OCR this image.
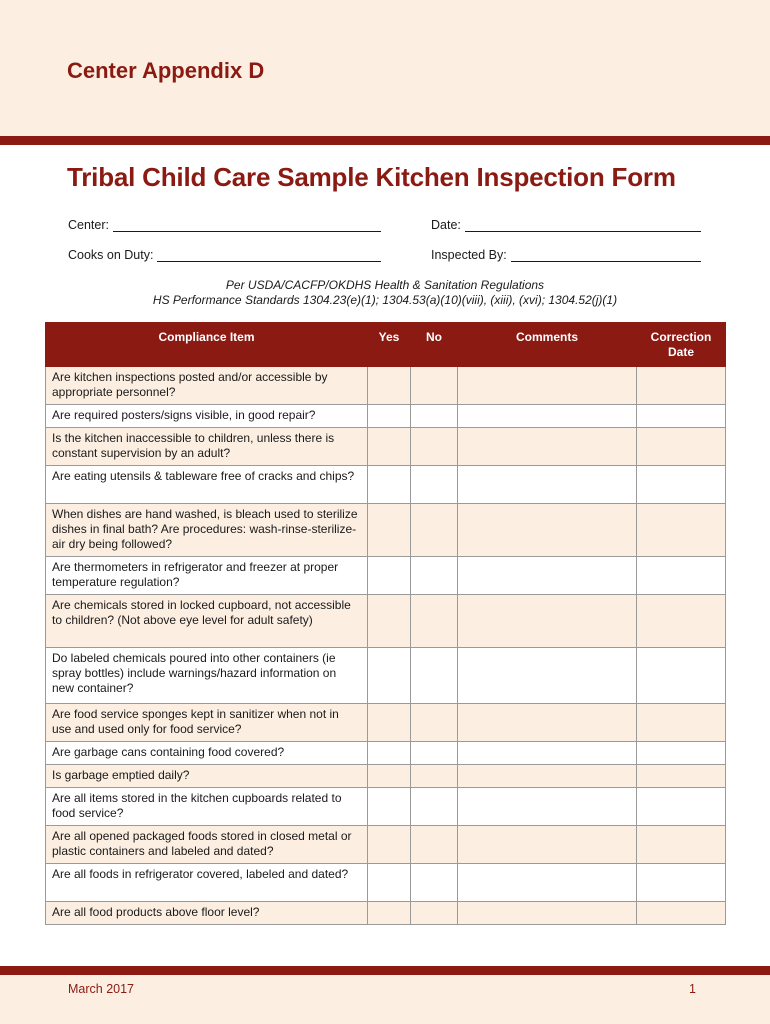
Center Appendix D
Tribal Child Care Sample Kitchen Inspection Form
Center:	Date:
Cooks on Duty:	Inspected By:
Per USDA/CACFP/OKDHS Health & Sanitation Regulations
HS Performance Standards 1304.23(e)(1); 1304.53(a)(10)(viii), (xiii), (xvi); 1304.52(j)(1)
Compliance Item	Yes	No	Comments	Correction Date
Are kitchen inspections posted and/or accessible by appropriate personnel?				
Are required posters/signs visible, in good repair?				
Is the kitchen inaccessible to children, unless there is constant supervision by an adult?				
Are eating utensils & tableware free of cracks and chips?				
When dishes are hand washed, is bleach used to sterilize dishes in final bath? Are procedures: wash-rinse-sterilize-air dry being followed?				
Are thermometers in refrigerator and freezer at proper temperature regulation?				
Are chemicals stored in locked cupboard, not accessible to children? (Not above eye level for adult safety)				
Do labeled chemicals poured into other containers (ie spray bottles) include warnings/hazard information on new container?				
Are food service sponges kept in sanitizer when not in use and used only for food service?				
Are garbage cans containing food covered?				
Is garbage emptied daily?				
Are all items stored in the kitchen cupboards related to food service?				
Are all opened packaged foods stored in closed metal or plastic containers and labeled and dated?				
Are all foods in refrigerator covered, labeled and dated?				
Are all food products above floor level?				
March 2017	1
